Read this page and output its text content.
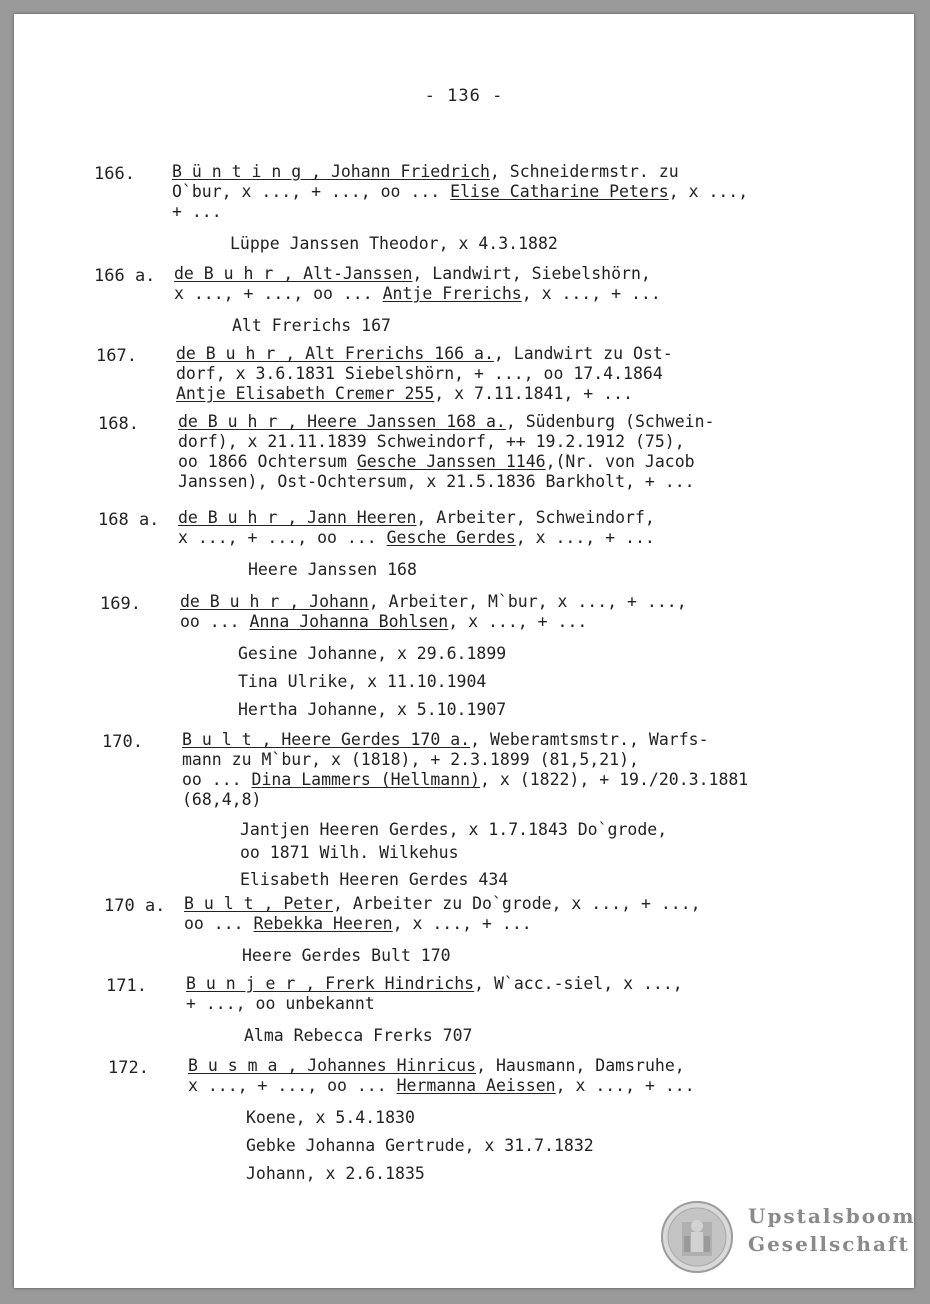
- 136 -
166. B ü n t i n g , Johann Friedrich, Schneidermstr. zu
O`bur, x ..., + ..., oo ... Elise Catharine Peters, x ...,
+ ...
Lüppe Janssen Theodor, x 4.3.1882
166 a. de B u h r , Alt-Janssen, Landwirt, Siebelshörn,
x ..., + ..., oo ... Antje Frerichs, x ..., + ...
Alt Frerichs 167
167. de B u h r , Alt Frerichs 166 a., Landwirt zu Ost-
dorf, x 3.6.1831 Siebelshörn, + ..., oo 17.4.1864
Antje Elisabeth Cremer 255, x 7.11.1841, + ...
168. de B u h r , Heere Janssen 168 a., Südenburg (Schwein-
dorf), x 21.11.1839 Schweindorf, ++ 19.2.1912 (75),
oo 1866 Ochtersum Gesche Janssen 1146,(Nr. von Jacob
Janssen), Ost-Ochtersum, x 21.5.1836 Barkholt, + ...
168 a. de B u h r , Jann Heeren, Arbeiter, Schweindorf,
x ..., + ..., oo ... Gesche Gerdes, x ..., + ...
Heere Janssen 168
169. de B u h r , Johann, Arbeiter, M`bur, x ..., + ...,
oo ... Anna Johanna Bohlsen, x ..., + ...
Gesine Johanne, x 29.6.1899
Tina Ulrike, x 11.10.1904
Hertha Johanne, x 5.10.1907
170. B u l t , Heere Gerdes 170 a., Weberamtsmstr., Warfs-
mann zu M`bur, x (1818), + 2.3.1899 (81,5,21),
oo ... Dina Lammers (Hellmann), x (1822), + 19./20.3.1881
(68,4,8)
Jantjen Heeren Gerdes, x 1.7.1843 Do`grode,
oo 1871 Wilh. Wilkehus
Elisabeth Heeren Gerdes 434
170 a. B u l t , Peter, Arbeiter zu Do`grode, x ..., + ...,
oo ... Rebekka Heeren, x ..., + ...
Heere Gerdes Bult 170
171. B u n j e r , Frerk Hindrichs, W`acc.-siel, x ...,
+ ..., oo unbekannt
Alma Rebecca Frerks 707
172. B u s m a , Johannes Hinricus, Hausmann, Damsruhe,
x ..., + ..., oo ... Hermanna Aeissen, x ..., + ...
Koene, x 5.4.1830
Gebke Johanna Gertrude, x 31.7.1832
Johann, x 2.6.1835
Upstalsboom
Gesellschaft
